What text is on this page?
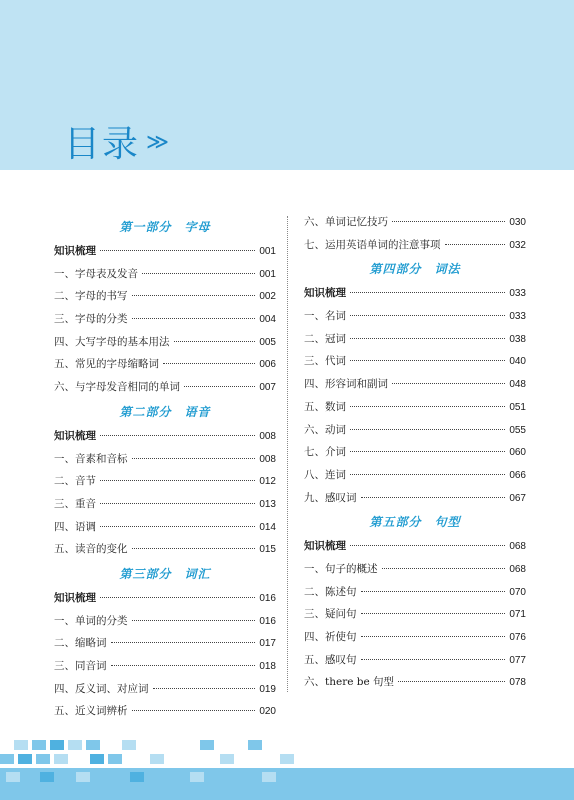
目录 ≫
第一部分　字母
知识梳理	001
一、字母表及发音	001
二、字母的书写	002
三、字母的分类	004
四、大写字母的基本用法	005
五、常见的字母缩略词	006
六、与字母发音相同的单词	007
第二部分　语音
知识梳理	008
一、音素和音标	008
二、音节	012
三、重音	013
四、语调	014
五、读音的变化	015
第三部分　词汇
知识梳理	016
一、单词的分类	016
二、缩略词	017
三、同音词	018
四、反义词、对应词	019
五、近义词辨析	020
六、单词记忆技巧	030
七、运用英语单词的注意事项	032
第四部分　词法
知识梳理	033
一、名词	033
二、冠词	038
三、代词	040
四、形容词和副词	048
五、数词	051
六、动词	055
七、介词	060
八、连词	066
九、感叹词	067
第五部分　句型
知识梳理	068
一、句子的概述	068
二、陈述句	070
三、疑问句	071
四、祈使句	076
五、感叹句	077
六、there be 句型	078
